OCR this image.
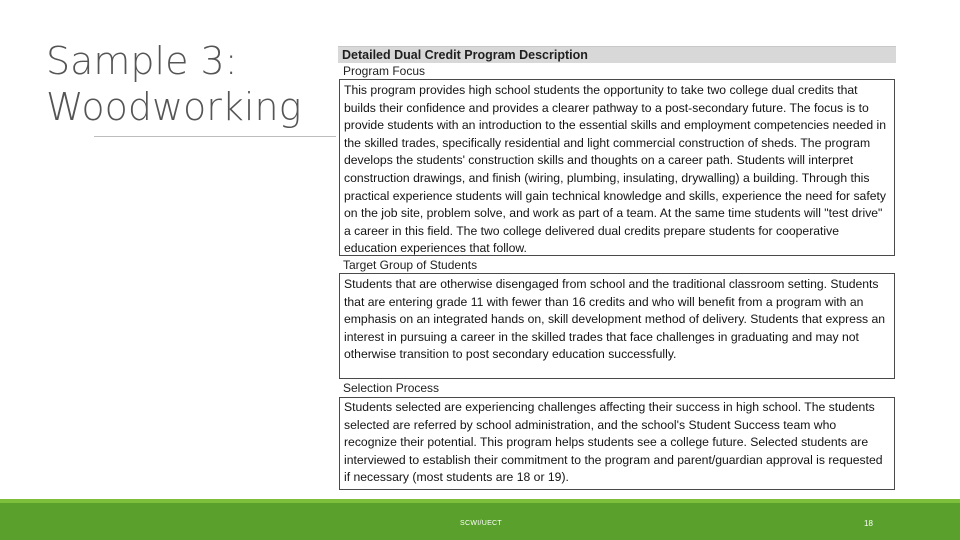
Sample 3:
Woodworking
Detailed Dual Credit Program Description
Program Focus

This program provides high school students the opportunity to take two college dual credits that builds their confidence and provides a clearer pathway to a post-secondary future. The focus is to provide students with an introduction to the essential skills and employment competencies needed in the skilled trades, specifically residential and light commercial construction of sheds. The program develops the students' construction skills and thoughts on a career path. Students will interpret construction drawings, and finish (wiring, plumbing, insulating, drywalling) a building. Through this practical experience students will gain technical knowledge and skills, experience the need for safety on the job site, problem solve, and work as part of a team. At the same time students will "test drive" a career in this field. The two college delivered dual credits prepare students for cooperative education experiences that follow.

Target Group of Students

Students that are otherwise disengaged from school and the traditional classroom setting. Students that are entering grade 11 with fewer than 16 credits and who will benefit from a program with an emphasis on an integrated hands on, skill development method of delivery. Students that express an interest in pursuing a career in the skilled trades that face challenges in graduating and may not otherwise transition to post secondary education successfully.

Selection Process

Students selected are experiencing challenges affecting their success in high school. The students selected are referred by school administration, and the school's Student Success team who recognize their potential. This program helps students see a college future. Selected students are interviewed to establish their commitment to the program and parent/guardian approval is requested if necessary (most students are 18 or 19).

SCWI/UECT	18
